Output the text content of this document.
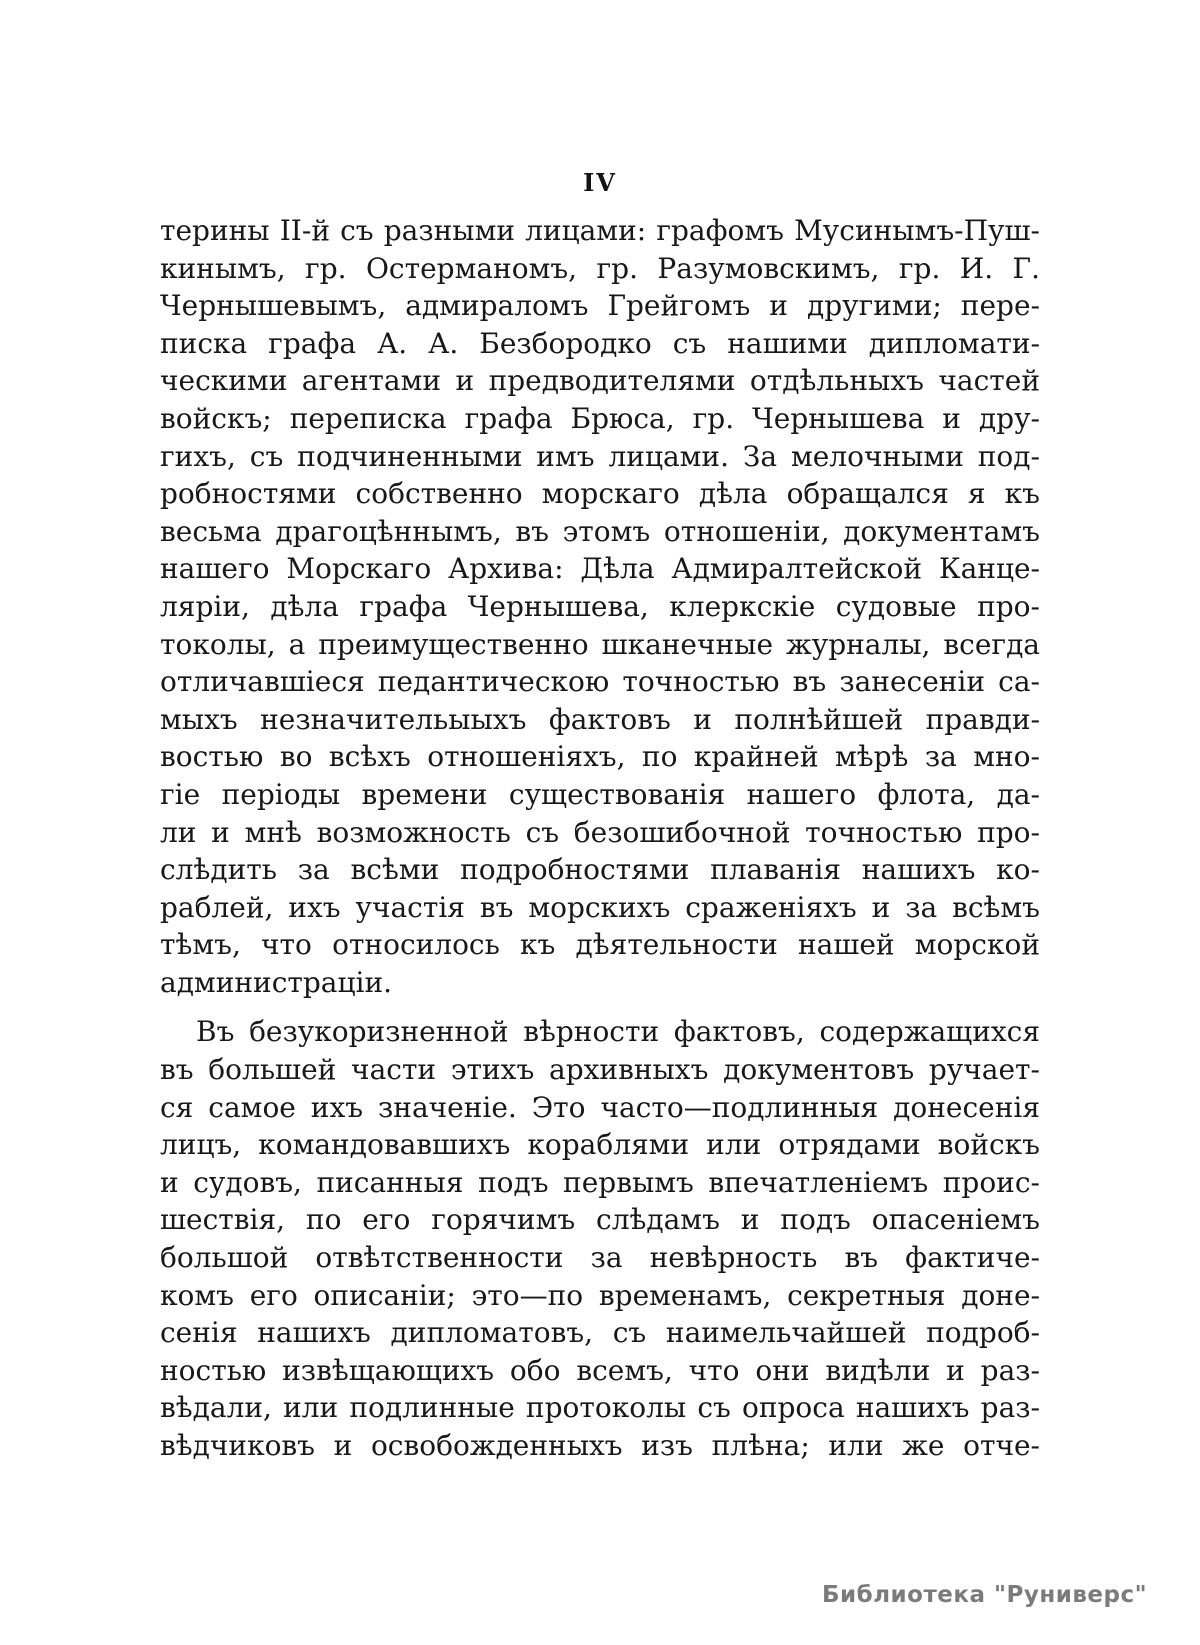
IV
терины II-й съ разными лицами: графомъ Мусинымъ-Пуш-
кинымъ, гр. Остерманомъ, гр. Разумовскимъ, гр. И. Г.
Чернышевымъ, адмираломъ Грейгомъ и другими; пере-
писка графа А. А. Безбородко съ нашими дипломати-
ческими агентами и предводителями отдѣльныхъ частей
войскъ; переписка графа Брюса, гр. Чернышева и дру-
гихъ, съ подчиненными имъ лицами. За мелочными под-
робностями собственно морскаго дѣла обращался я къ
весьма драгоцѣннымъ, въ этомъ отношеніи, документамъ
нашего Морскаго Архива: Дѣла Адмиралтейской Канце-
ляріи, дѣла графа Чернышева, клеркскіе судовые про-
токолы, а преимущественно шканечные журналы, всегда
отличавшіеся педантическою точностью въ занесеніи са-
мыхъ незначительыыхъ фактовъ и полнѣйшей правди-
востью во всѣхъ отношеніяхъ, по крайней мѣрѣ за мно-
гіе періоды времени существованія нашего флота, да-
ли и мнѣ возможность съ безошибочной точностью про-
слѣдить за всѣми подробностями плаванія нашихъ ко-
раблей, ихъ участія въ морскихъ сраженіяхъ и за всѣмъ
тѣмъ, что относилось къ дѣятельности нашей морской
администраціи.
Въ безукоризненной вѣрности фактовъ, содержащихся
въ большей части этихъ архивныхъ документовъ ручает-
ся самое ихъ значеніе. Это часто—подлинныя донесенія
лицъ, командовавшихъ кораблями или отрядами войскъ
и судовъ, писанныя подъ первымъ впечатленіемъ проис-
шествія, по его горячимъ слѣдамъ и подъ опасеніемъ
большой отвѣтственности за невѣрность въ фактиче-
комъ его описаніи; это—по временамъ, секретныя доне-
сенія нашихъ дипломатовъ, съ наимельчайшей подроб-
ностью извѣщающихъ обо всемъ, что они видѣли и раз-
вѣдали, или подлинные протоколы съ опроса нашихъ раз-
вѣдчиковъ и освобожденныхъ изъ плѣна; или же отче-
Библиотека "Руниверс"
